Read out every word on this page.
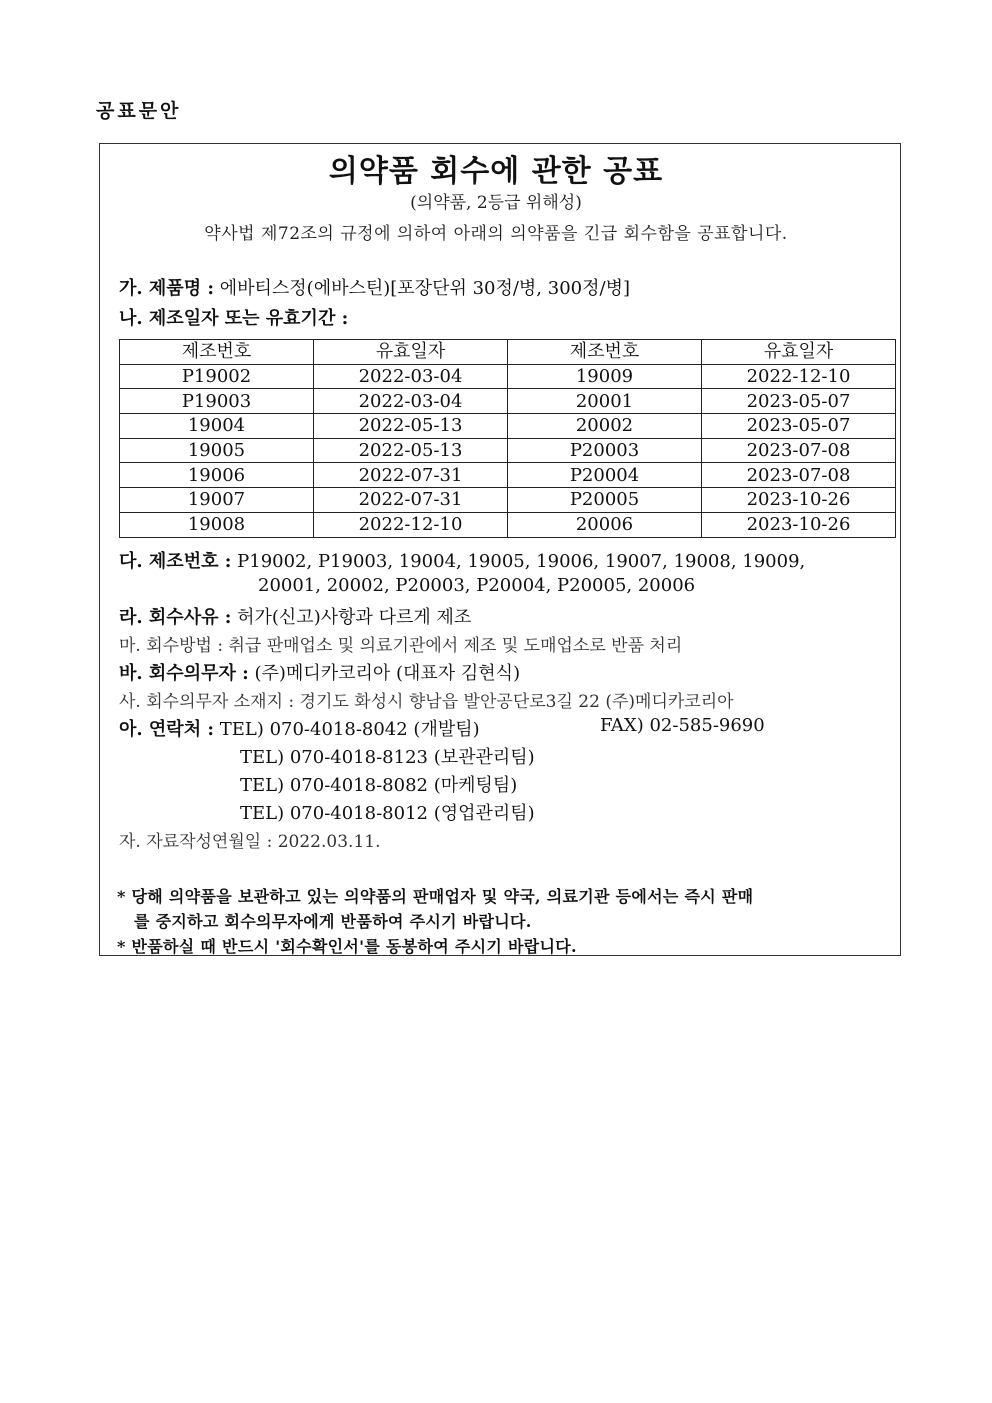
공표문안
의약품 회수에 관한 공표
(의약품, 2등급 위해성)
약사법 제72조의 규정에 의하여 아래의 의약품을 긴급 회수함을 공표합니다.
가. 제품명 : 에바티스정(에바스틴)[포장단위 30정/병, 300정/병]
나. 제조일자 또는 유효기간 :
제조번호	유효일자	제조번호	유효일자
P19002	2022-03-04	19009	2022-12-10
P19003	2022-03-04	20001	2023-05-07
19004	2022-05-13	20002	2023-05-07
19005	2022-05-13	P20003	2023-07-08
19006	2022-07-31	P20004	2023-07-08
19007	2022-07-31	P20005	2023-10-26
19008	2022-12-10	20006	2023-10-26
다. 제조번호 : P19002, P19003, 19004, 19005, 19006, 19007, 19008, 19009,
20001, 20002, P20003, P20004, P20005, 20006
라. 회수사유 : 허가(신고)사항과 다르게 제조
마. 회수방법 : 취급 판매업소 및 의료기관에서 제조 및 도매업소로 반품 처리
바. 회수의무자 : (주)메디카코리아 (대표자 김현식)
사. 회수의무자 소재지 : 경기도 화성시 향남읍 발안공단로3길 22 (주)메디카코리아
아. 연락처 : TEL) 070-4018-8042 (개발팀)	FAX) 02-585-9690
TEL) 070-4018-8123 (보관관리팀)
TEL) 070-4018-8082 (마케팅팀)
TEL) 070-4018-8012 (영업관리팀)
자. 자료작성연월일 : 2022.03.11.
* 당해 의약품을 보관하고 있는 의약품의 판매업자 및 약국, 의료기관 등에서는 즉시 판매
를 중지하고 회수의무자에게 반품하여 주시기 바랍니다.
* 반품하실 때 반드시 '회수확인서'를 동봉하여 주시기 바랍니다.
